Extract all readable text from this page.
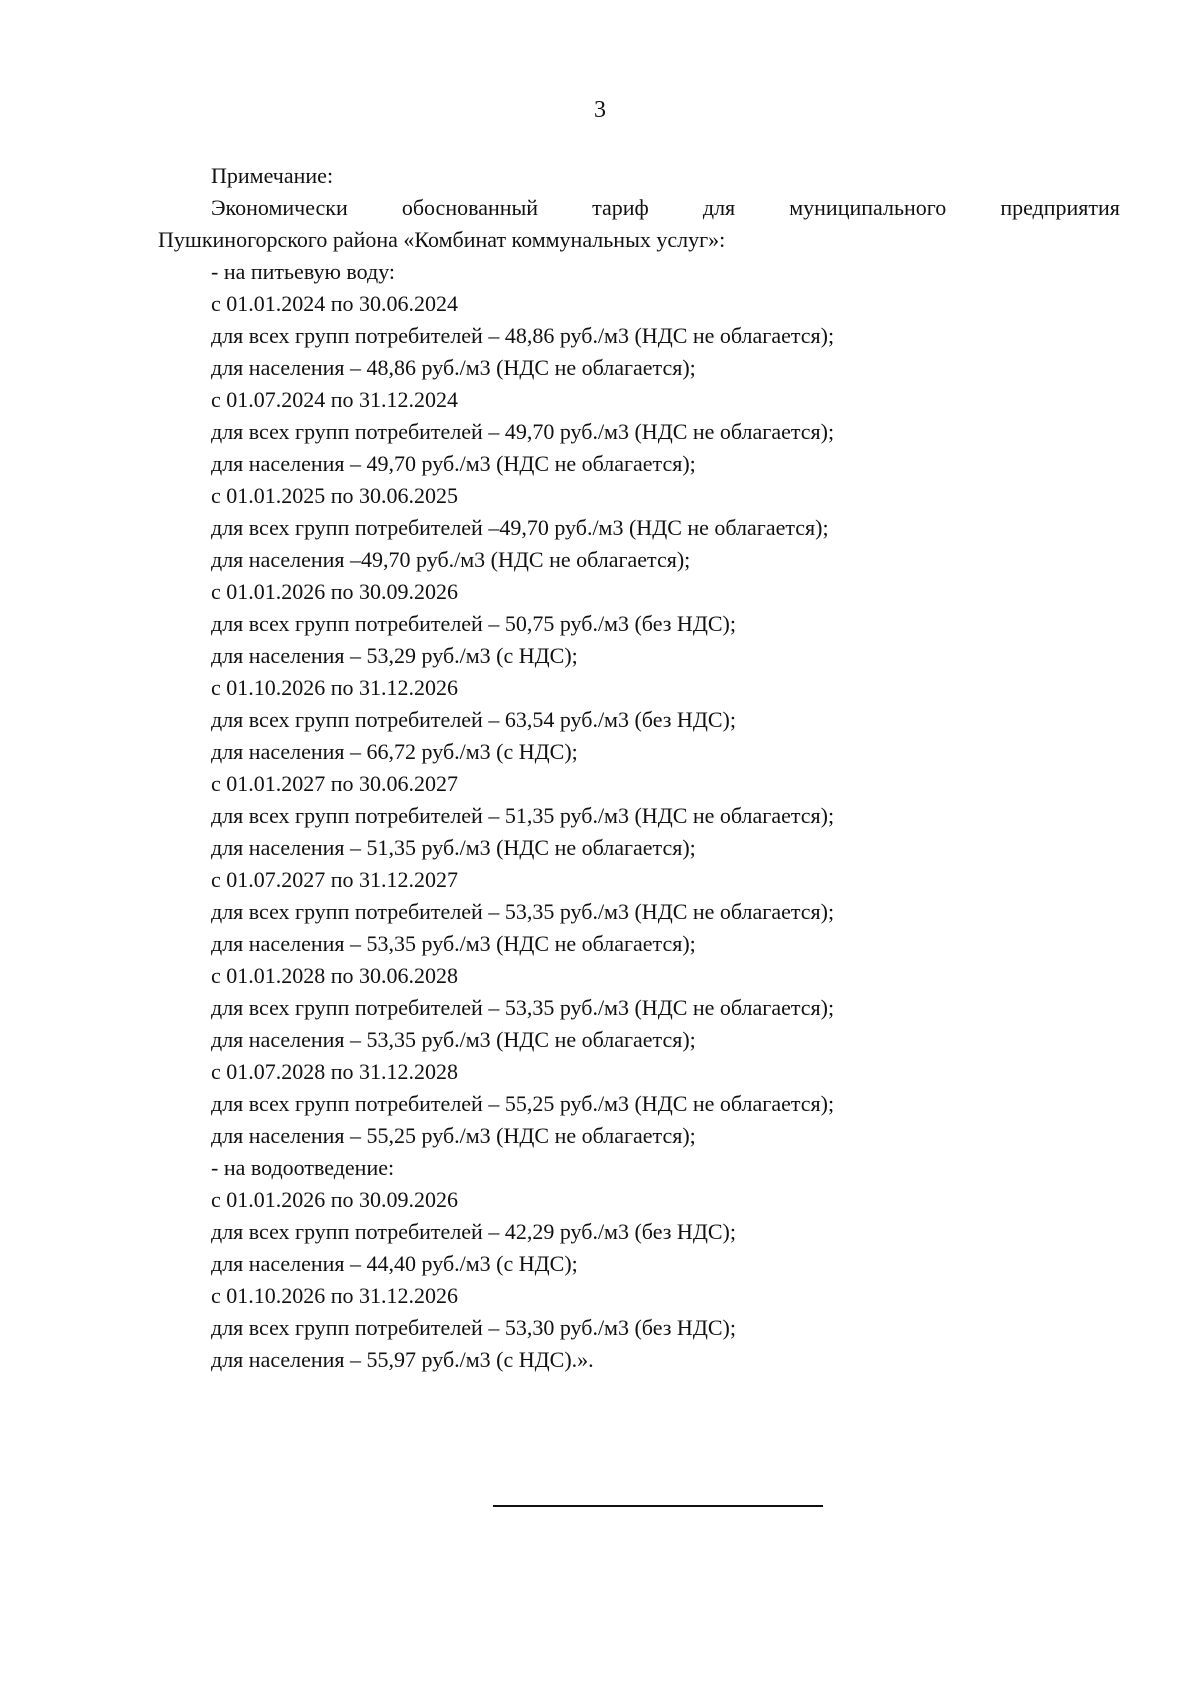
3
Примечание:
Экономически обоснованный тариф для муниципального предприятия
Пушкиногорского района «Комбинат коммунальных услуг»:
- на питьевую воду:
с 01.01.2024 по 30.06.2024
для всех групп потребителей – 48,86 руб./м3 (НДС не облагается);
для населения – 48,86 руб./м3 (НДС не облагается);
с 01.07.2024 по 31.12.2024
для всех групп потребителей – 49,70 руб./м3 (НДС не облагается);
для населения – 49,70 руб./м3 (НДС не облагается);
с 01.01.2025 по 30.06.2025
для всех групп потребителей –49,70 руб./м3 (НДС не облагается);
для населения –49,70 руб./м3 (НДС не облагается);
с 01.01.2026 по 30.09.2026
для всех групп потребителей – 50,75 руб./м3 (без НДС);
для населения – 53,29 руб./м3 (с НДС);
с 01.10.2026 по 31.12.2026
для всех групп потребителей – 63,54 руб./м3 (без НДС);
для населения – 66,72 руб./м3 (с НДС);
с 01.01.2027 по 30.06.2027
для всех групп потребителей – 51,35 руб./м3 (НДС не облагается);
для населения – 51,35 руб./м3 (НДС не облагается);
с 01.07.2027 по 31.12.2027
для всех групп потребителей – 53,35 руб./м3 (НДС не облагается);
для населения – 53,35 руб./м3 (НДС не облагается);
с 01.01.2028 по 30.06.2028
для всех групп потребителей – 53,35 руб./м3 (НДС не облагается);
для населения – 53,35 руб./м3 (НДС не облагается);
с 01.07.2028 по 31.12.2028
для всех групп потребителей – 55,25 руб./м3 (НДС не облагается);
для населения – 55,25 руб./м3 (НДС не облагается);
- на водоотведение:
с 01.01.2026 по 30.09.2026
для всех групп потребителей – 42,29 руб./м3 (без НДС);
для населения – 44,40 руб./м3 (с НДС);
с 01.10.2026 по 31.12.2026
для всех групп потребителей – 53,30 руб./м3 (без НДС);
для населения – 55,97 руб./м3 (с НДС).».
